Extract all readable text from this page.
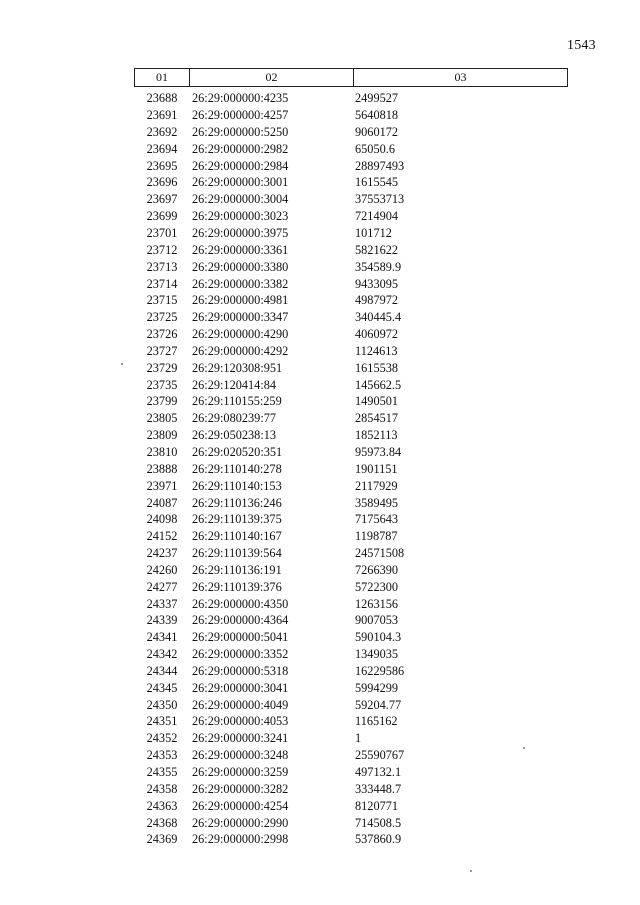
1543
01	02	03
23688	26:29:000000:4235	2499527
23691	26:29:000000:4257	5640818
23692	26:29:000000:5250	9060172
23694	26:29:000000:2982	65050.6
23695	26:29:000000:2984	28897493
23696	26:29:000000:3001	1615545
23697	26:29:000000:3004	37553713
23699	26:29:000000:3023	7214904
23701	26:29:000000:3975	101712
23712	26:29:000000:3361	5821622
23713	26:29:000000:3380	354589.9
23714	26:29:000000:3382	9433095
23715	26:29:000000:4981	4987972
23725	26:29:000000:3347	340445.4
23726	26:29:000000:4290	4060972
23727	26:29:000000:4292	1124613
23729	26:29:120308:951	1615538
23735	26:29:120414:84	145662.5
23799	26:29:110155:259	1490501
23805	26:29:080239:77	2854517
23809	26:29:050238:13	1852113
23810	26:29:020520:351	95973.84
23888	26:29:110140:278	1901151
23971	26:29:110140:153	2117929
24087	26:29:110136:246	3589495
24098	26:29:110139:375	7175643
24152	26:29:110140:167	1198787
24237	26:29:110139:564	24571508
24260	26:29:110136:191	7266390
24277	26:29:110139:376	5722300
24337	26:29:000000:4350	1263156
24339	26:29:000000:4364	9007053
24341	26:29:000000:5041	590104.3
24342	26:29:000000:3352	1349035
24344	26:29:000000:5318	16229586
24345	26:29:000000:3041	5994299
24350	26:29:000000:4049	59204.77
24351	26:29:000000:4053	1165162
24352	26:29:000000:3241	1
24353	26:29:000000:3248	25590767
24355	26:29:000000:3259	497132.1
24358	26:29:000000:3282	333448.7
24363	26:29:000000:4254	8120771
24368	26:29:000000:2990	714508.5
24369	26:29:000000:2998	537860.9
